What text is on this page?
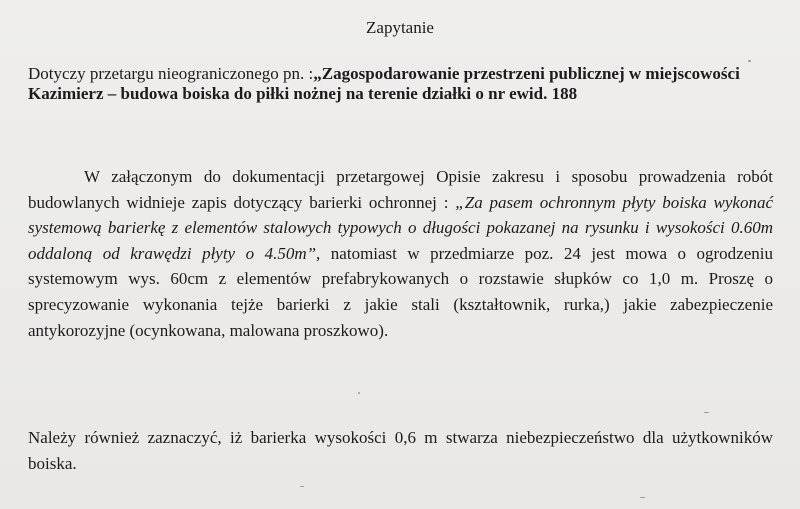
Zapytanie
Dotyczy przetargu nieograniczonego pn. :„Zagospodarowanie przestrzeni publicznej w miejscowości Kazimierz – budowa boiska do piłki nożnej na terenie działki o nr ewid. 188

W załączonym do dokumentacji przetargowej Opisie zakresu i sposobu prowadzenia robót budowlanych widnieje zapis dotyczący barierki ochronnej : „Za pasem ochronnym płyty boiska wykonać systemową barierkę z elementów stalowych typowych o długości pokazanej na rysunku i wysokości 0.60m oddaloną od krawędzi płyty o 4.50m”, natomiast w przedmiarze poz. 24 jest mowa o ogrodzeniu systemowym wys. 60cm z elementów prefabrykowanych o rozstawie słupków co 1,0 m. Proszę o sprecyzowanie wykonania tejże barierki z jakie stali (kształtownik, rurka,) jakie zabezpieczenie antykorozyjne (ocynkowana, malowana proszkowo).

Należy również zaznaczyć, iż barierka wysokości 0,6 m stwarza niebezpieczeństwo dla użytkowników boiska.
